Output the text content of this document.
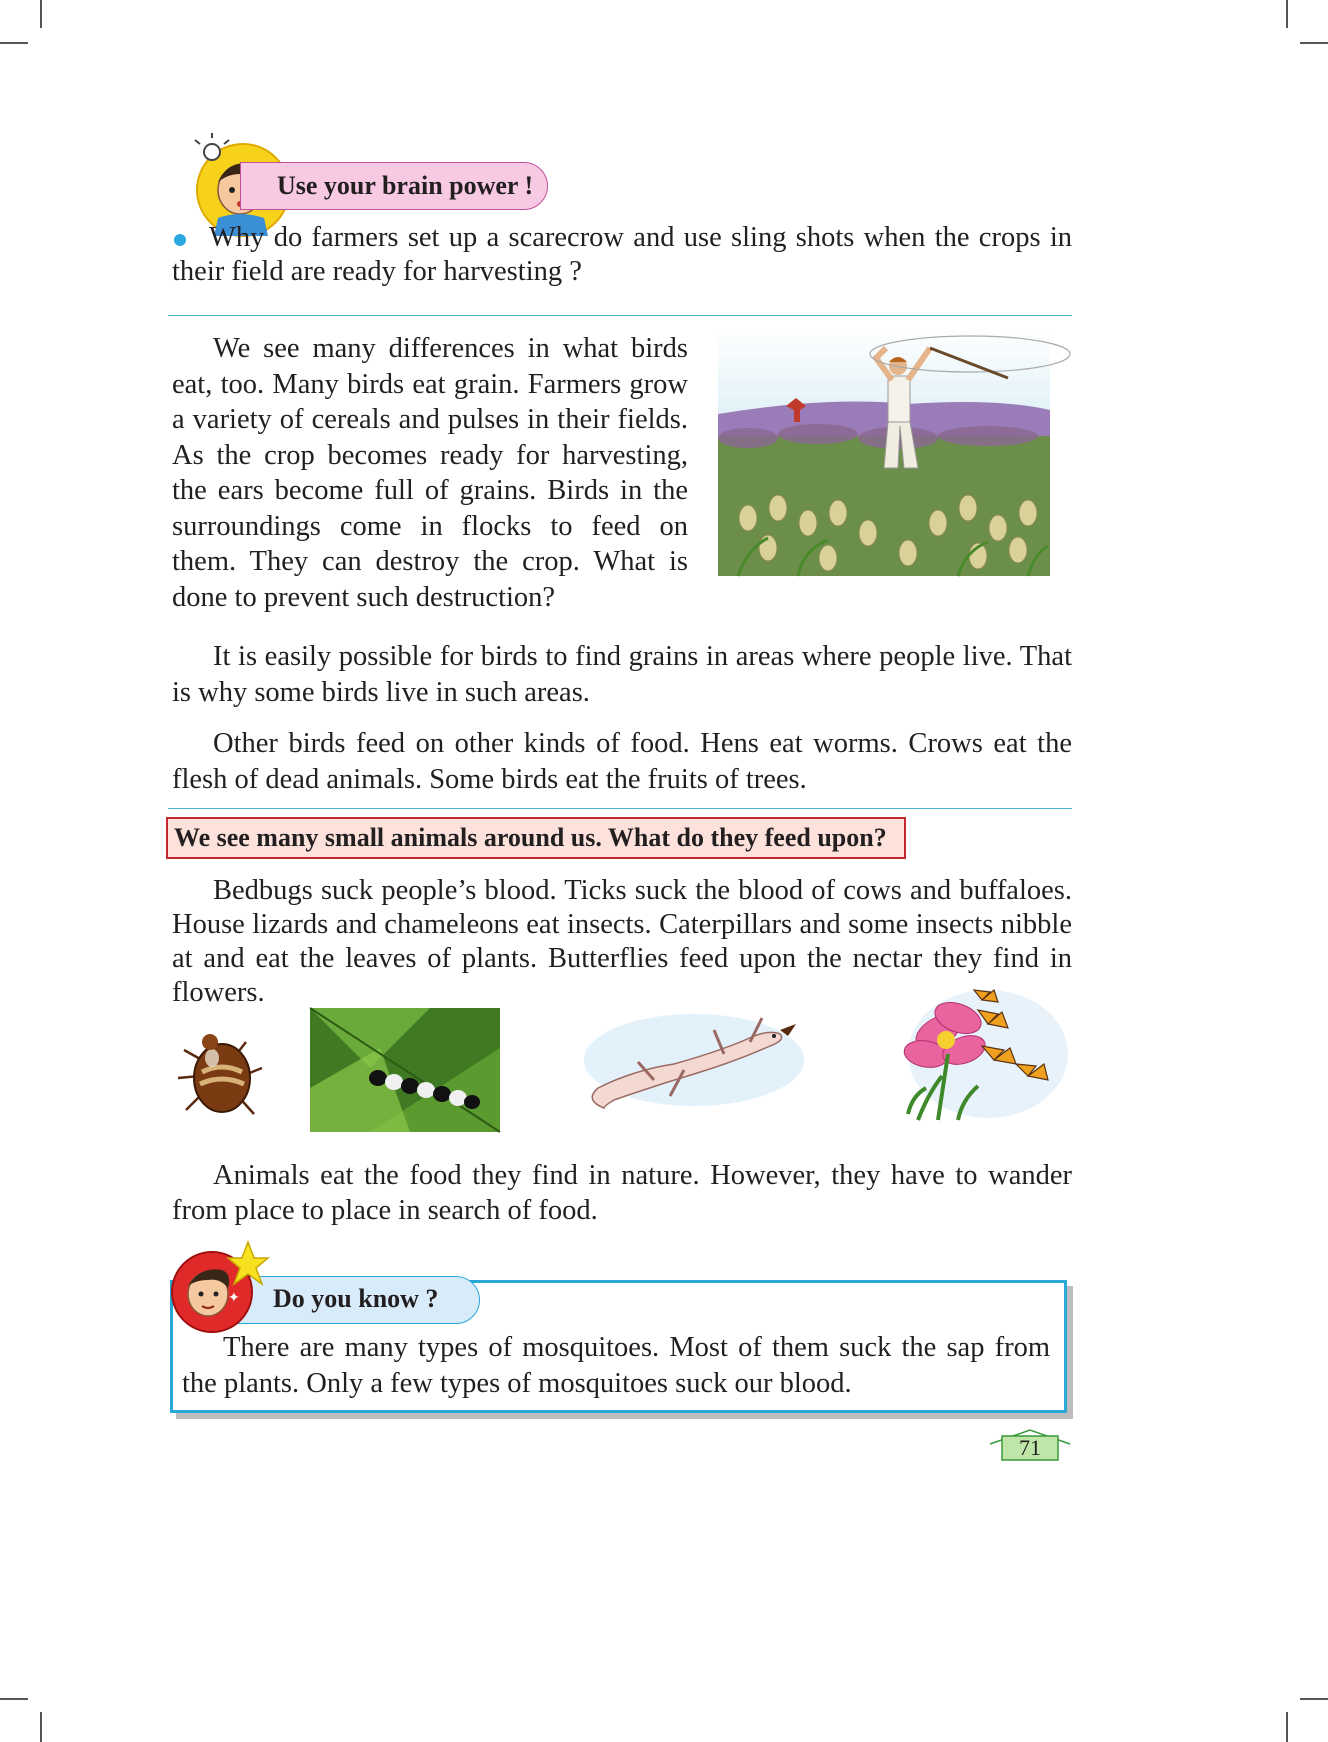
Use your brain power !

Why do farmers set up a scarecrow and use sling shots when the crops in their field are ready for harvesting ?

We see many differences in what birds eat, too. Many birds eat grain. Farmers grow a variety of cereals and pulses in their fields. As the crop becomes ready for harvesting, the ears become full of grains. Birds in the surroundings come in flocks to feed on them. They can destroy the crop. What is done to prevent such destruction?

It is easily possible for birds to find grains in areas where people live. That is why some birds live in such areas.

Other birds feed on other kinds of food. Hens eat worms. Crows eat the flesh of dead animals. Some birds eat the fruits of trees.

We see many small animals around us. What do they feed upon?

Bedbugs suck people’s blood. Ticks suck the blood of cows and buffaloes. House lizards and chameleons eat insects. Caterpillars and some insects nibble at and eat the leaves of plants. Butterflies feed upon the nectar they find in flowers.

Animals eat the food they find in nature. However, they have to wander from place to place in search of food.

Do you know ?
✦

There are many types of mosquitoes. Most of them suck the sap from the plants. Only a few types of mosquitoes suck our blood.

71
